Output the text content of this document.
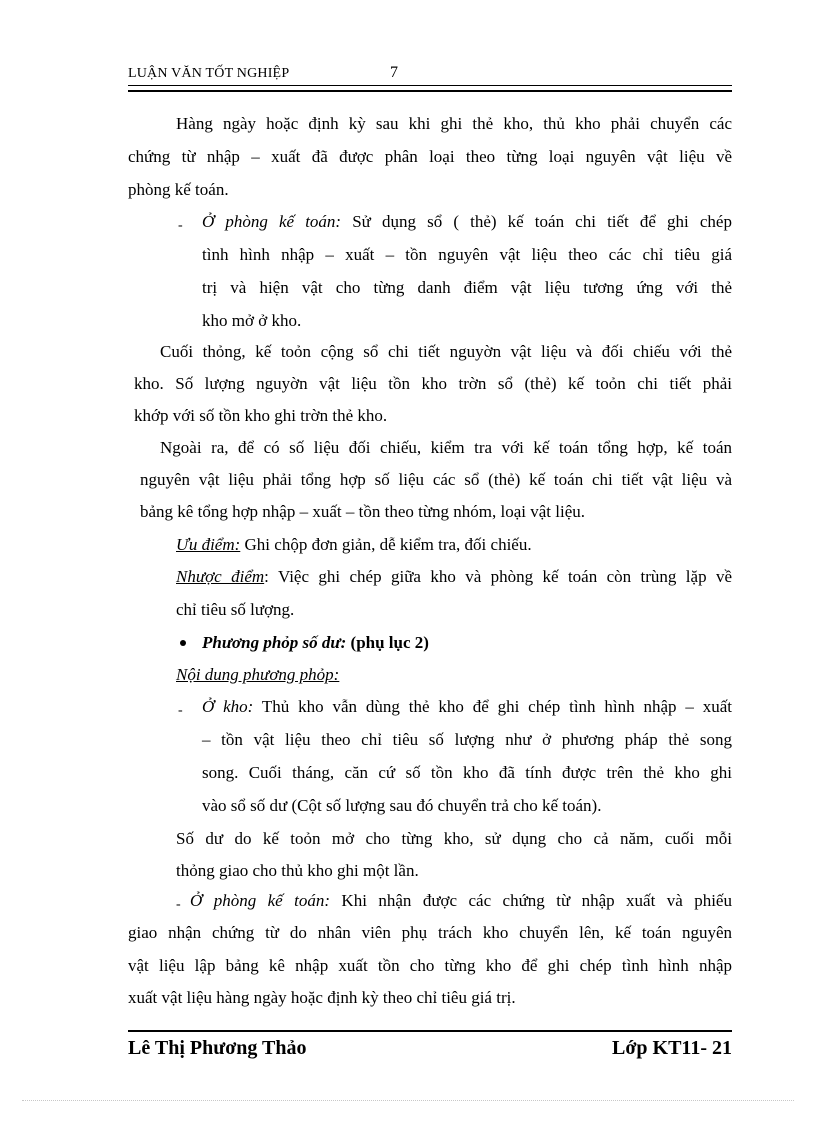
LUẬN VĂN TỐT NGHIỆP	7
Hàng ngày hoặc định kỳ sau khi ghi thẻ kho, thủ kho phải chuyển các
chứng từ nhập – xuất đã được phân loại theo từng loại nguyên vật liệu về
phòng kế toán.
- Ở phòng kế toán: Sử dụng sổ ( thẻ) kế toán chi tiết để ghi chép
tình hình nhập – xuất – tồn nguyên vật liệu theo các chỉ tiêu giá
trị và hiện vật cho từng danh điểm vật liệu tương ứng với thẻ
kho mở ở kho.
Cuối thỏng, kế toỏn cộng sổ chi tiết nguyờn vật liệu và đối chiếu với thẻ
kho. Số lượng nguyờn vật liệu tồn kho trờn sổ (thẻ) kế toỏn chi tiết phải
khớp với số tồn kho ghi trờn thẻ kho.
Ngoài ra, để có số liệu đối chiếu, kiểm tra với kế toán tổng hợp, kế toán
nguyên vật liệu phải tổng hợp số liệu các sổ (thẻ) kế toán chi tiết vật liệu và
bảng kê tổng hợp nhập – xuất – tồn theo từng nhóm, loại vật liệu.
Ưu điểm: Ghi chộp đơn giản, dễ kiểm tra, đối chiếu.
Nhược điểm: Việc ghi chép giữa kho và phòng kế toán còn trùng lặp về
chỉ tiêu số lượng.
Phương phỏp số dư: (phụ lục 2)
Nội dung phương phỏp:
- Ở kho: Thủ kho vẫn dùng thẻ kho để ghi chép tình hình nhập – xuất
– tồn vật liệu theo chỉ tiêu số lượng như ở phương pháp thẻ song
song. Cuối tháng, căn cứ số tồn kho đã tính được trên thẻ kho ghi
vào sổ số dư (Cột số lượng sau đó chuyển trả cho kế toán).
Số dư do kế toỏn mở cho từng kho, sử dụng cho cả năm, cuối mỗi
thỏng giao cho thủ kho ghi một lần.
- Ở phòng kế toán: Khi nhận được các chứng từ nhập xuất và phiếu
giao nhận chứng từ do nhân viên phụ trách kho chuyển lên, kế toán nguyên
vật liệu lập bảng kê nhập xuất tồn cho từng kho để ghi chép tình hình nhập
xuất vật liệu hàng ngày hoặc định kỳ theo chỉ tiêu giá trị.
Lê Thị Phương Thảo	Lớp KT11- 21
